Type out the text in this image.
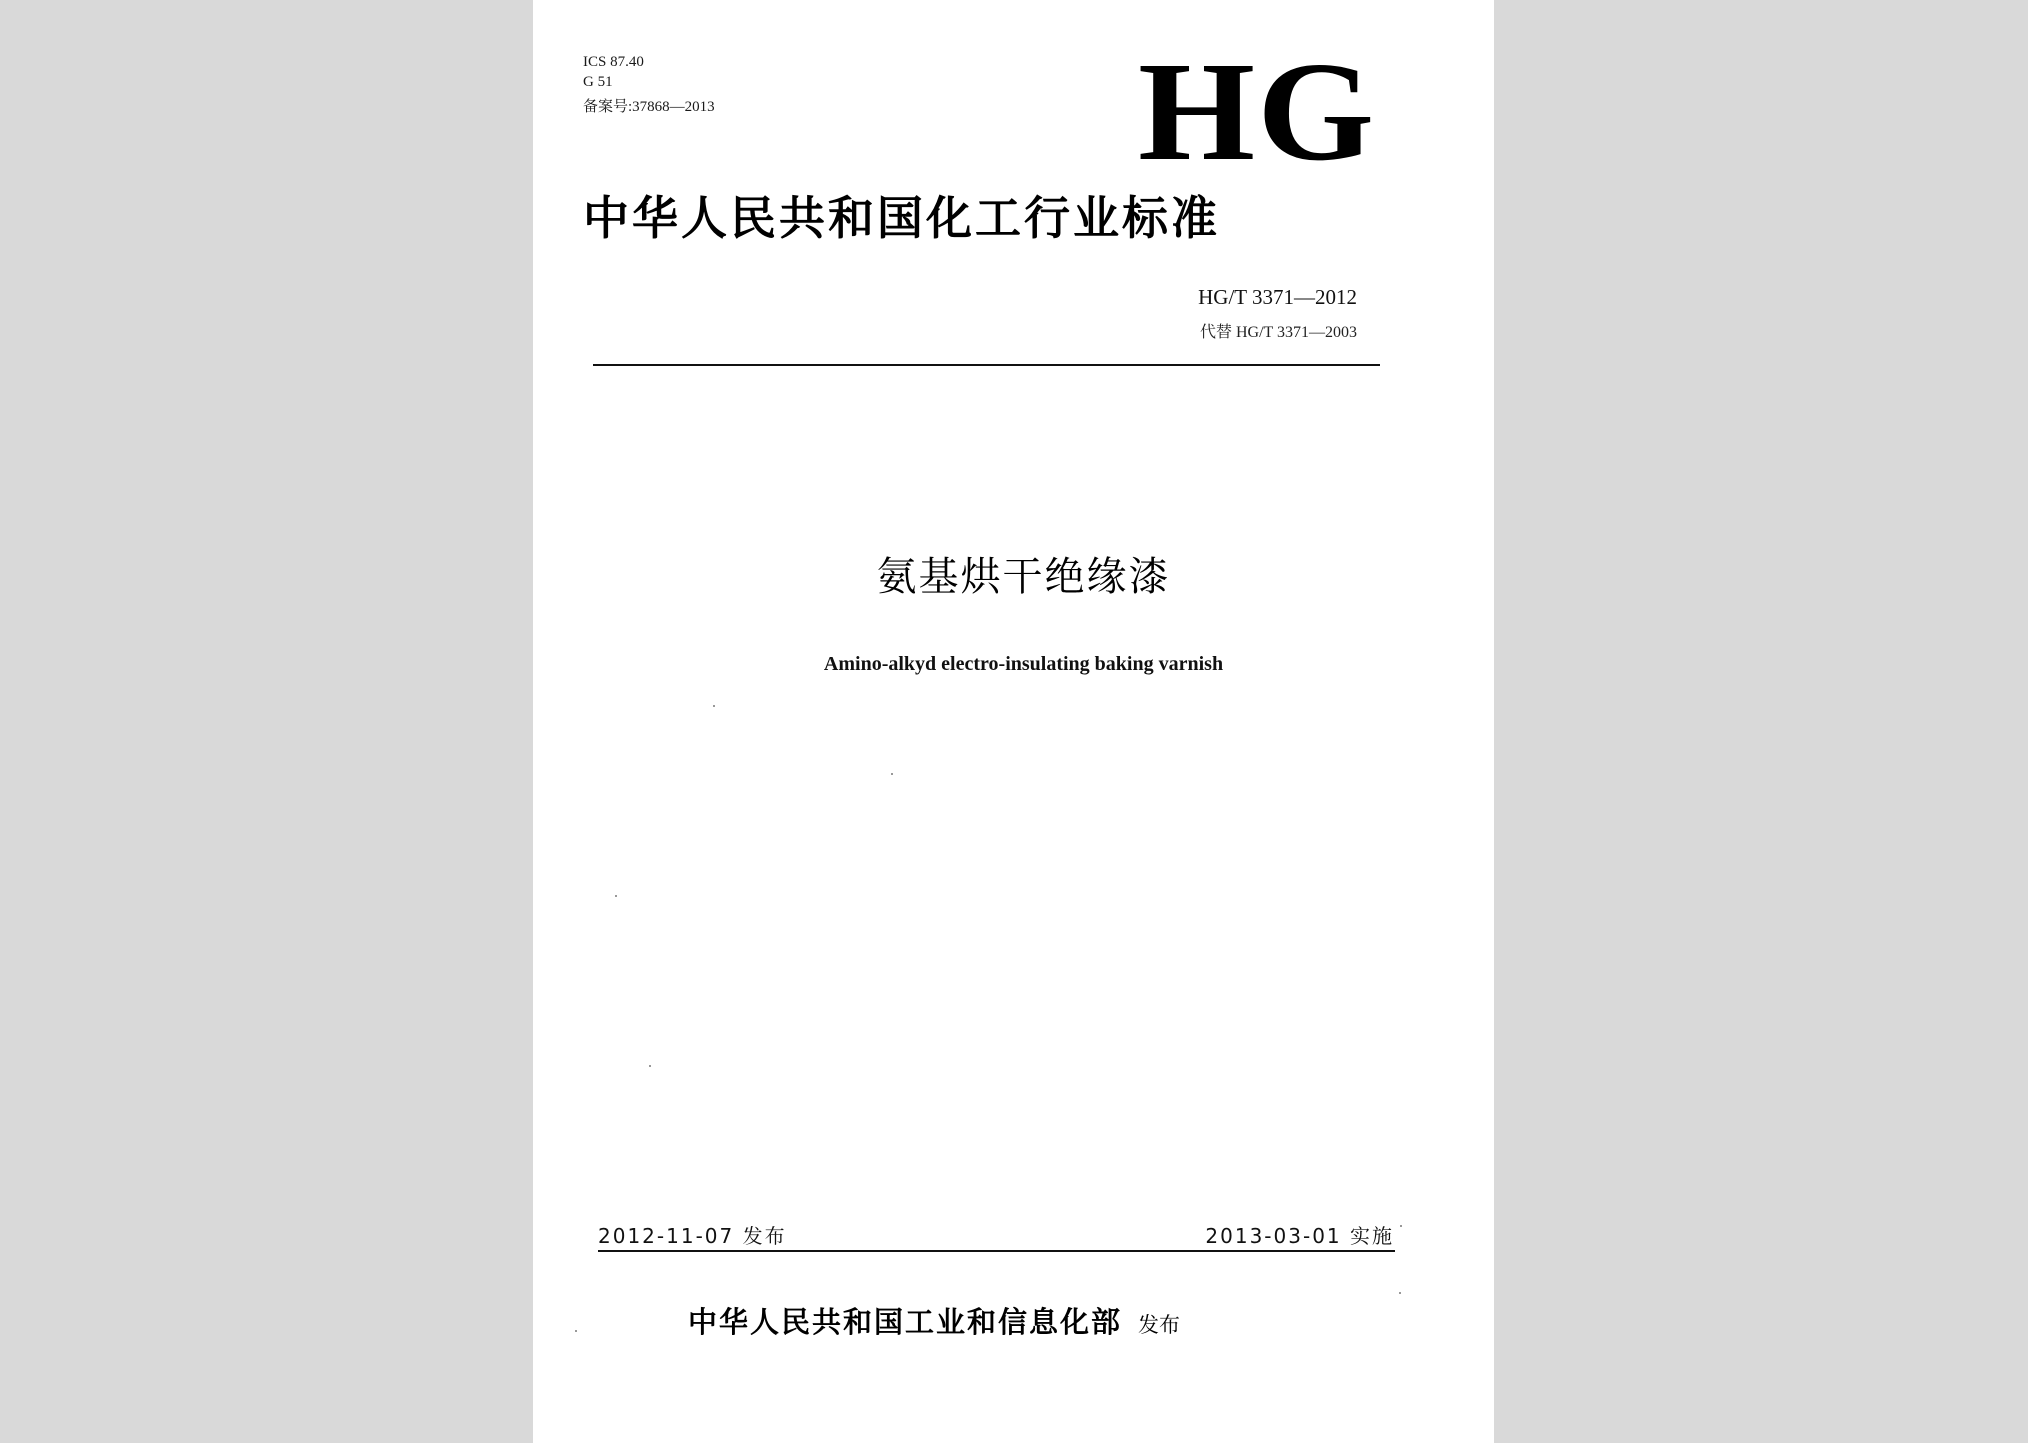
ICS 87.40
G 51
备案号:37868—2013	HG
中华人民共和国化工行业标准
HG/T 3371—2012
代替 HG/T 3371—2003
氨基烘干绝缘漆
Amino-alkyd electro-insulating baking varnish
2012-11-07 发布	2013-03-01 实施
中华人民共和国工业和信息化部 发布
